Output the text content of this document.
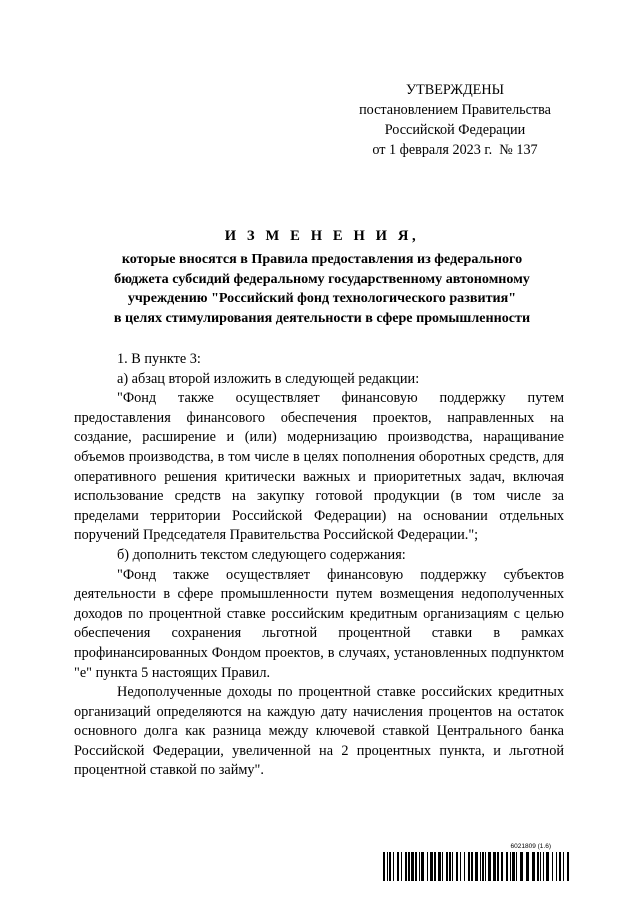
УТВЕРЖДЕНЫ
постановлением Правительства
Российской Федерации
от 1 февраля 2023 г.  № 137
И З М Е Н Е Н И Я,
которые вносятся в Правила предоставления из федерального
бюджета субсидий федеральному государственному автономному
учреждению "Российский фонд технологического развития"
в целях стимулирования деятельности в сфере промышленности

1. В пункте 3:

а) абзац второй изложить в следующей редакции:

"Фонд также осуществляет финансовую поддержку путем предоставления финансового обеспечения проектов, направленных на создание, расширение и (или) модернизацию производства, наращивание объемов производства, в том числе в целях пополнения оборотных средств, для оперативного решения критически важных и приоритетных задач, включая использование средств на закупку готовой продукции (в том числе за пределами территории Российской Федерации) на основании отдельных поручений Председателя Правительства Российской Федерации.";

б) дополнить текстом следующего содержания:

"Фонд также осуществляет финансовую поддержку субъектов деятельности в сфере промышленности путем возмещения недополученных доходов по процентной ставке российским кредитным организациям с целью обеспечения сохранения льготной процентной ставки в рамках профинансированных Фондом проектов, в случаях, установленных подпунктом "е" пункта 5 настоящих Правил.

Недополученные доходы по процентной ставке российских кредитных организаций определяются на каждую дату начисления процентов на остаток основного долга как разница между ключевой ставкой Центрального банка Российской Федерации, увеличенной на 2 процентных пункта, и льготной процентной ставкой по займу".

6021809 (1.6)
